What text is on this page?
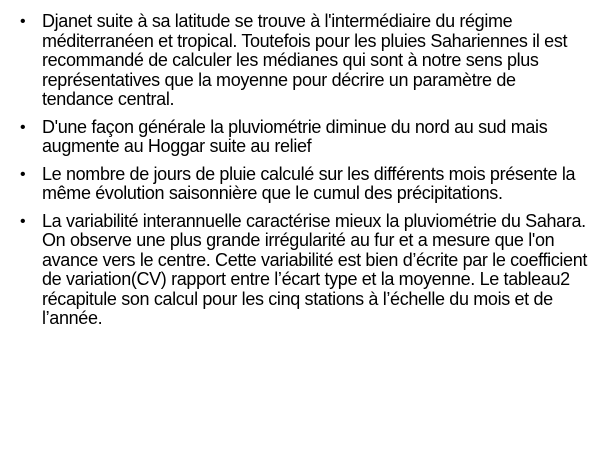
• Djanet suite à sa latitude se trouve à l'intermédiaire du régime méditerranéen et tropical. Toutefois pour les pluies Sahariennes il est recommandé de calculer les médianes qui sont à notre sens plus représentatives que la moyenne pour décrire un paramètre de tendance central.
• D'une façon générale la pluviométrie diminue du nord au sud mais augmente au Hoggar suite au relief
• Le nombre de jours de pluie calculé sur les différents mois présente la même évolution saisonnière que le cumul des précipitations.
• La variabilité interannuelle caractérise mieux la pluviométrie du Sahara. On observe une plus grande irrégularité au fur et a mesure que l'on avance vers le centre. Cette variabilité est bien d’écrite par le coefficient de variation(CV) rapport entre l’écart type et la moyenne. Le tableau2 récapitule son calcul pour les cinq stations à l’échelle du mois et de l’année.
